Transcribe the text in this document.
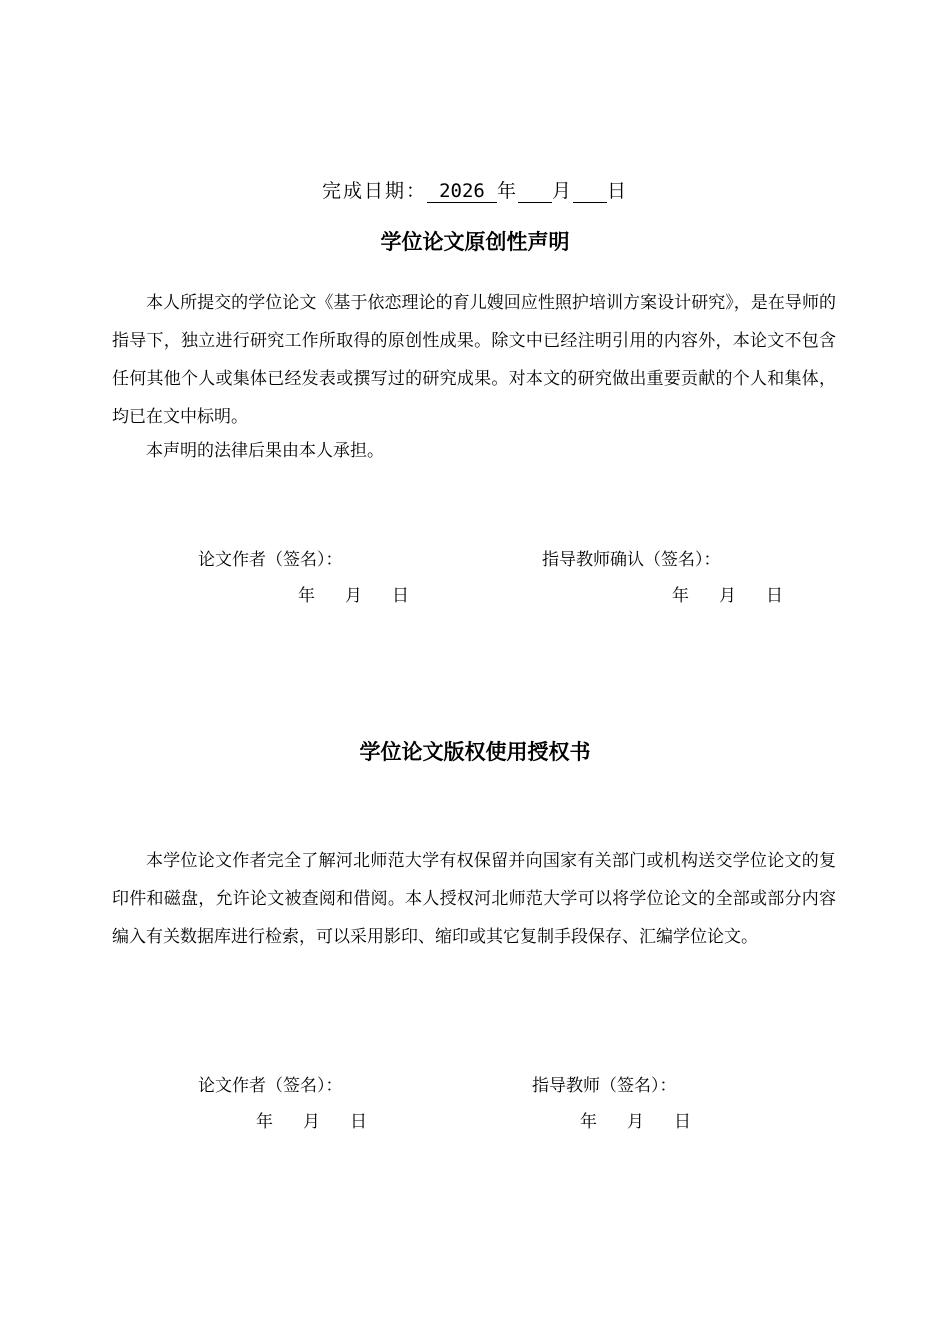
完成日期： 2026 年 月 日
学位论文原创性声明

本人所提交的学位论文《基于依恋理论的育儿嫂回应性照护培训方案设计研究》，是在导师的指导下，独立进行研究工作所取得的原创性成果。除文中已经注明引用的内容外，本论文不包含任何其他个人或集体已经发表或撰写过的研究成果。对本文的研究做出重要贡献的个人和集体，均已在文中标明。

本声明的法律后果由本人承担。

论文作者（签名）：	指导教师确认（签名）：
年 月 日	年 月 日
学位论文版权使用授权书

本学位论文作者完全了解河北师范大学有权保留并向国家有关部门或机构送交学位论文的复印件和磁盘，允许论文被查阅和借阅。本人授权河北师范大学可以将学位论文的全部或部分内容编入有关数据库进行检索，可以采用影印、缩印或其它复制手段保存、汇编学位论文。

论文作者（签名）：	指导教师（签名）：
年 月 日	年 月 日
